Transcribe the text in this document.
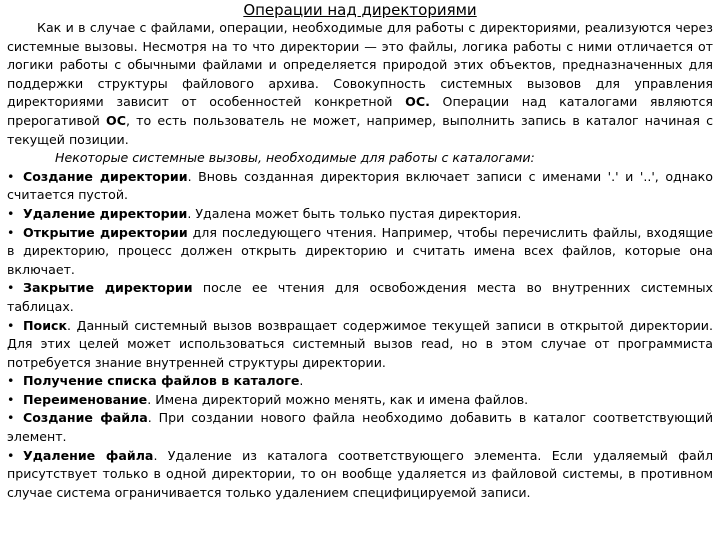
Операции над директориями

Как и в случае с файлами, операции, необходимые для работы с директориями, реализуются через системные вызовы. Несмотря на то что директории — это файлы, логика работы с ними отличается от логики работы с обычными файлами и определяется природой этих объектов, предназначенных для поддержки структуры файлового архива. Совокупность системных вызовов для управления директориями зависит от особенностей конкретной ОС. Операции над каталогами являются прерогативой ОС, то есть пользователь не может, например, выполнить запись в каталог начиная с текущей позиции.

Некоторые системные вызовы, необходимые для работы с каталогами:

• Создание директории. Вновь созданная директория включает записи с именами '.' и '..', однако считается пустой.

• Удаление директории. Удалена может быть только пустая директория.

• Открытие директории для последующего чтения. Например, чтобы перечислить файлы, входящие в директорию, процесс должен открыть директорию и считать имена всех файлов, которые она включает.

• Закрытие директории после ее чтения для освобождения места во внутренних системных таблицах.

• Поиск. Данный системный вызов возвращает содержимое текущей записи в открытой директории. Для этих целей может использоваться системный вызов read, но в этом случае от программиста потребуется знание внутренней структуры директории.

• Получение списка файлов в каталоге.

• Переименование. Имена директорий можно менять, как и имена файлов.

• Создание файла. При создании нового файла необходимо добавить в каталог соответствующий элемент.

• Удаление файла. Удаление из каталога соответствующего элемента. Если удаляемый файл присутствует только в одной директории, то он вообще удаляется из файловой системы, в противном случае система ограничивается только удалением специфицируемой записи.
